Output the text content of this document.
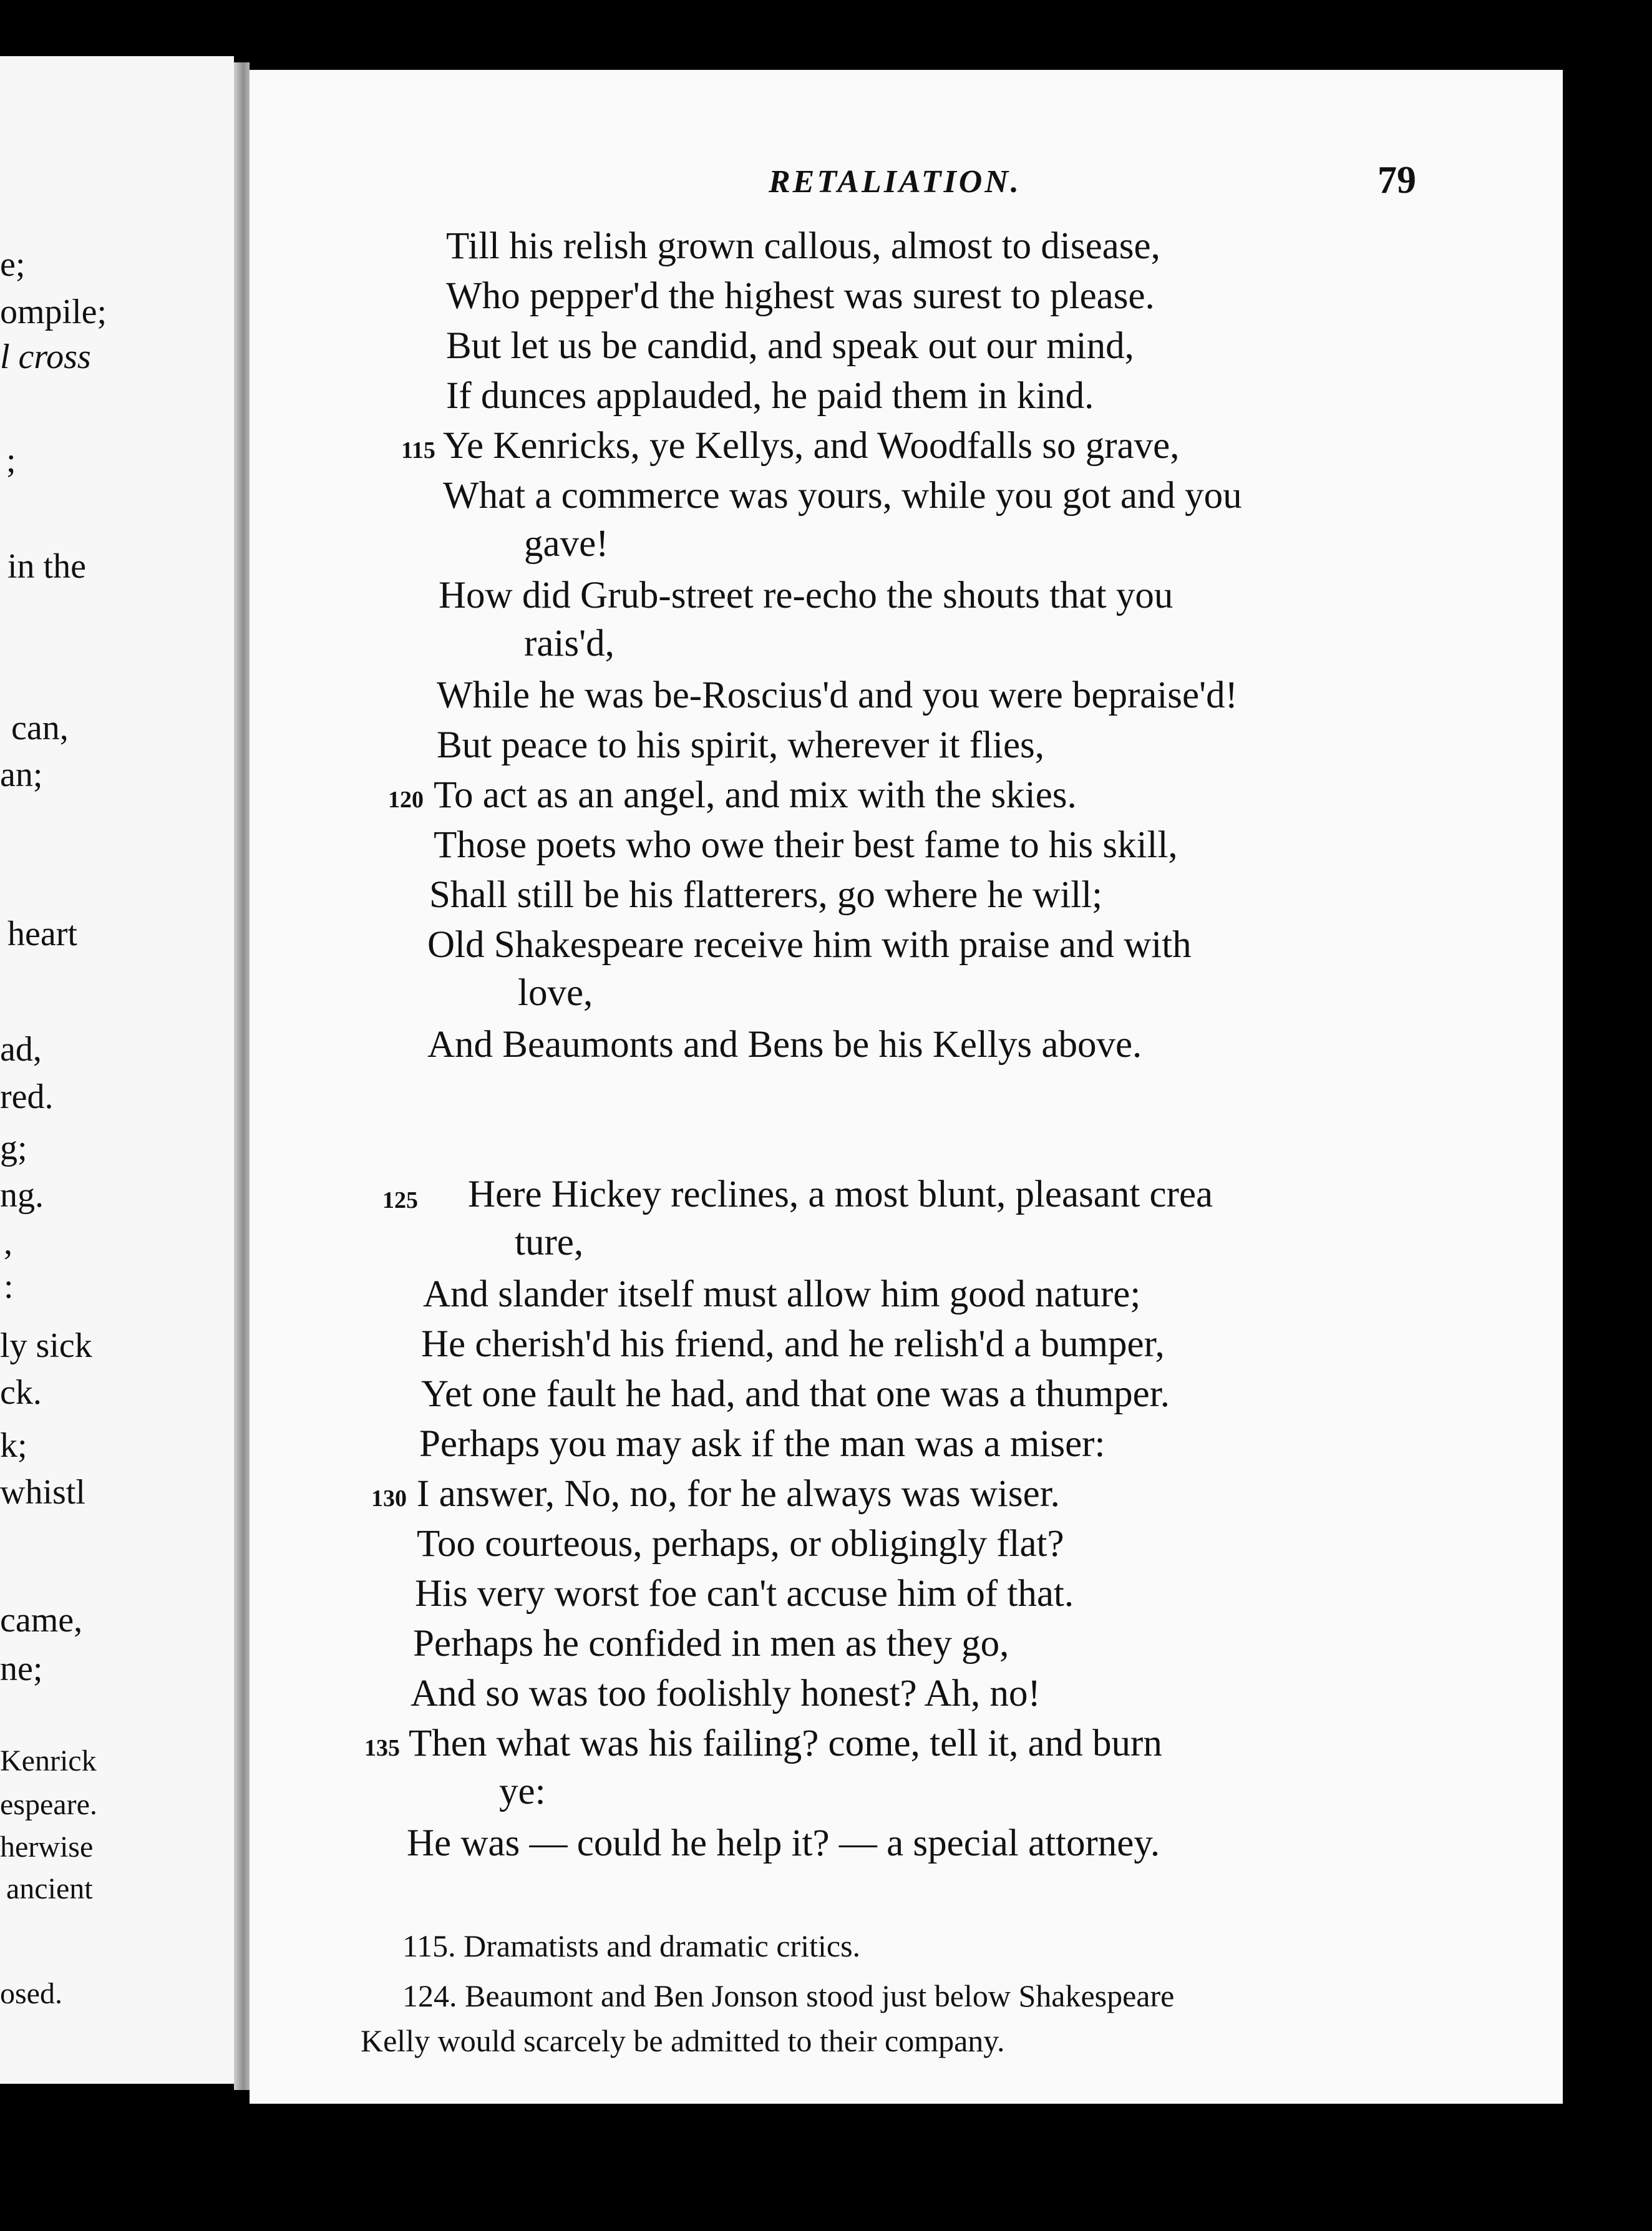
e;
ompile;
l cross
;
in the
can,
an;
heart
ad,
red.
g;
ng.
,
:
ly sick
ck.
k;
whistl
came,
ne;
Kenrick
espeare.
herwise
ancient
osed.
RETALIATION.	79
Till his relish grown callous, almost to disease,
Who pepper'd the highest was surest to please.
But let us be candid, and speak out our mind,
If dunces applauded, he paid them in kind.
115 Ye Kenricks, ye Kellys, and Woodfalls so grave,
What a commerce was yours, while you got and you
gave!
How did Grub-street re-echo the shouts that you
rais'd,
While he was be-Roscius'd and you were bepraise'd!
But peace to his spirit, wherever it flies,
120 To act as an angel, and mix with the skies.
Those poets who owe their best fame to his skill,
Shall still be his flatterers, go where he will;
Old Shakespeare receive him with praise and with
love,
And Beaumonts and Bens be his Kellys above.
125 Here Hickey reclines, a most blunt, pleasant crea
ture,
And slander itself must allow him good nature;
He cherish'd his friend, and he relish'd a bumper,
Yet one fault he had, and that one was a thumper.
Perhaps you may ask if the man was a miser:
130 I answer, No, no, for he always was wiser.
Too courteous, perhaps, or obligingly flat?
His very worst foe can't accuse him of that.
Perhaps he confided in men as they go,
And so was too foolishly honest? Ah, no!
135 Then what was his failing? come, tell it, and burn
ye:
He was — could he help it? — a special attorney.
115. Dramatists and dramatic critics.
124. Beaumont and Ben Jonson stood just below Shakespeare
Kelly would scarcely be admitted to their company.
